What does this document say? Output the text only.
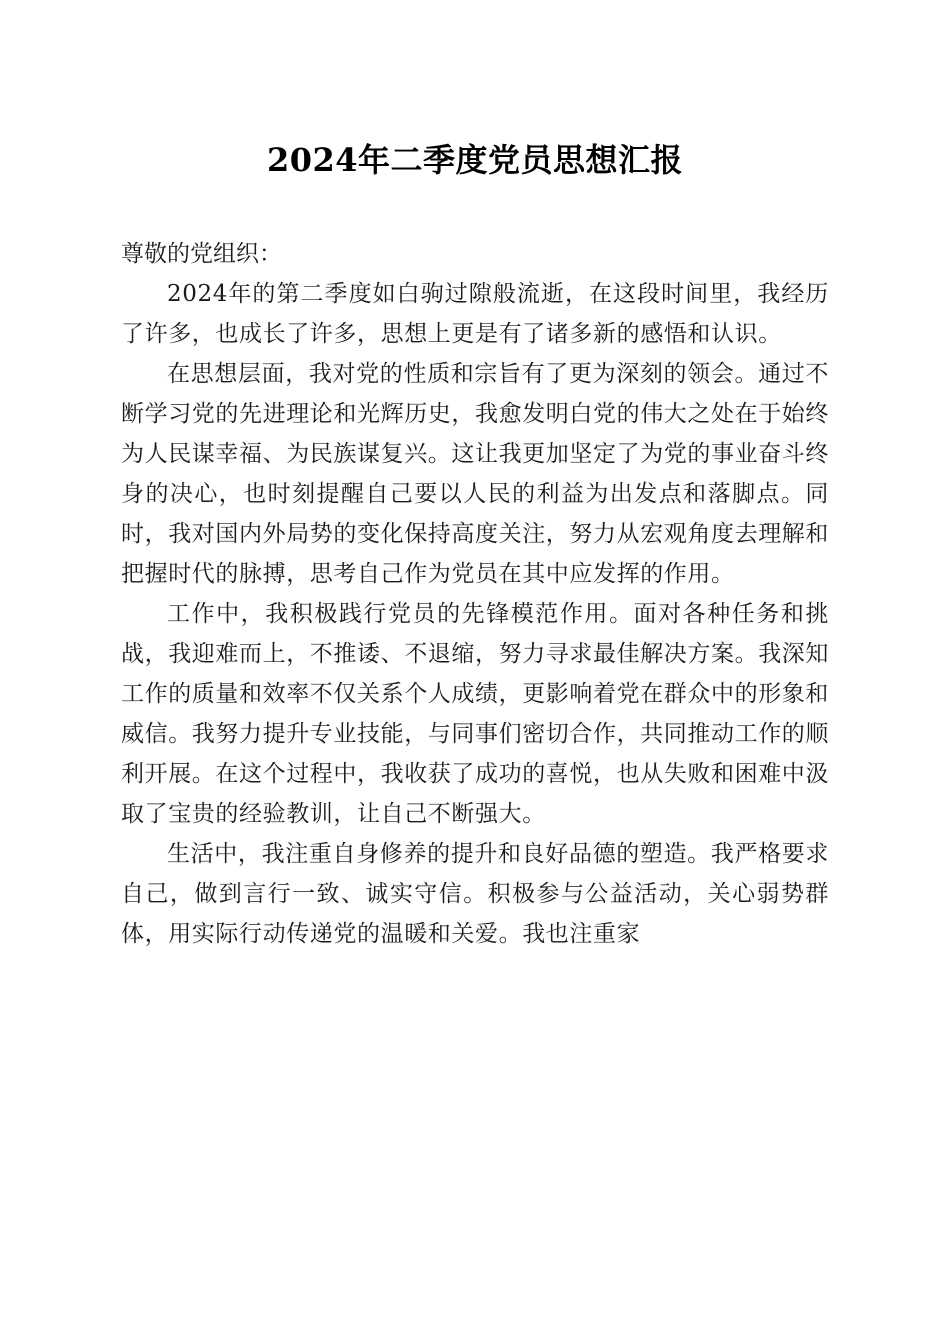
2024年二季度党员思想汇报

尊敬的党组织：

2024年的第二季度如白驹过隙般流逝，在这段时间里，我经历了许多，也成长了许多，思想上更是有了诸多新的感悟和认识。

在思想层面，我对党的性质和宗旨有了更为深刻的领会。通过不断学习党的先进理论和光辉历史，我愈发明白党的伟大之处在于始终为人民谋幸福、为民族谋复兴。这让我更加坚定了为党的事业奋斗终身的决心，也时刻提醒自己要以人民的利益为出发点和落脚点。同时，我对国内外局势的变化保持高度关注，努力从宏观角度去理解和把握时代的脉搏，思考自己作为党员在其中应发挥的作用。

工作中，我积极践行党员的先锋模范作用。面对各种任务和挑战，我迎难而上，不推诿、不退缩，努力寻求最佳解决方案。我深知工作的质量和效率不仅关系个人成绩，更影响着党在群众中的形象和威信。我努力提升专业技能，与同事们密切合作，共同推动工作的顺利开展。在这个过程中，我收获了成功的喜悦，也从失败和困难中汲取了宝贵的经验教训，让自己不断强大。

生活中，我注重自身修养的提升和良好品德的塑造。我严格要求自己，做到言行一致、诚实守信。积极参与公益活动，关心弱势群体，用实际行动传递党的温暖和关爱。我也注重家
